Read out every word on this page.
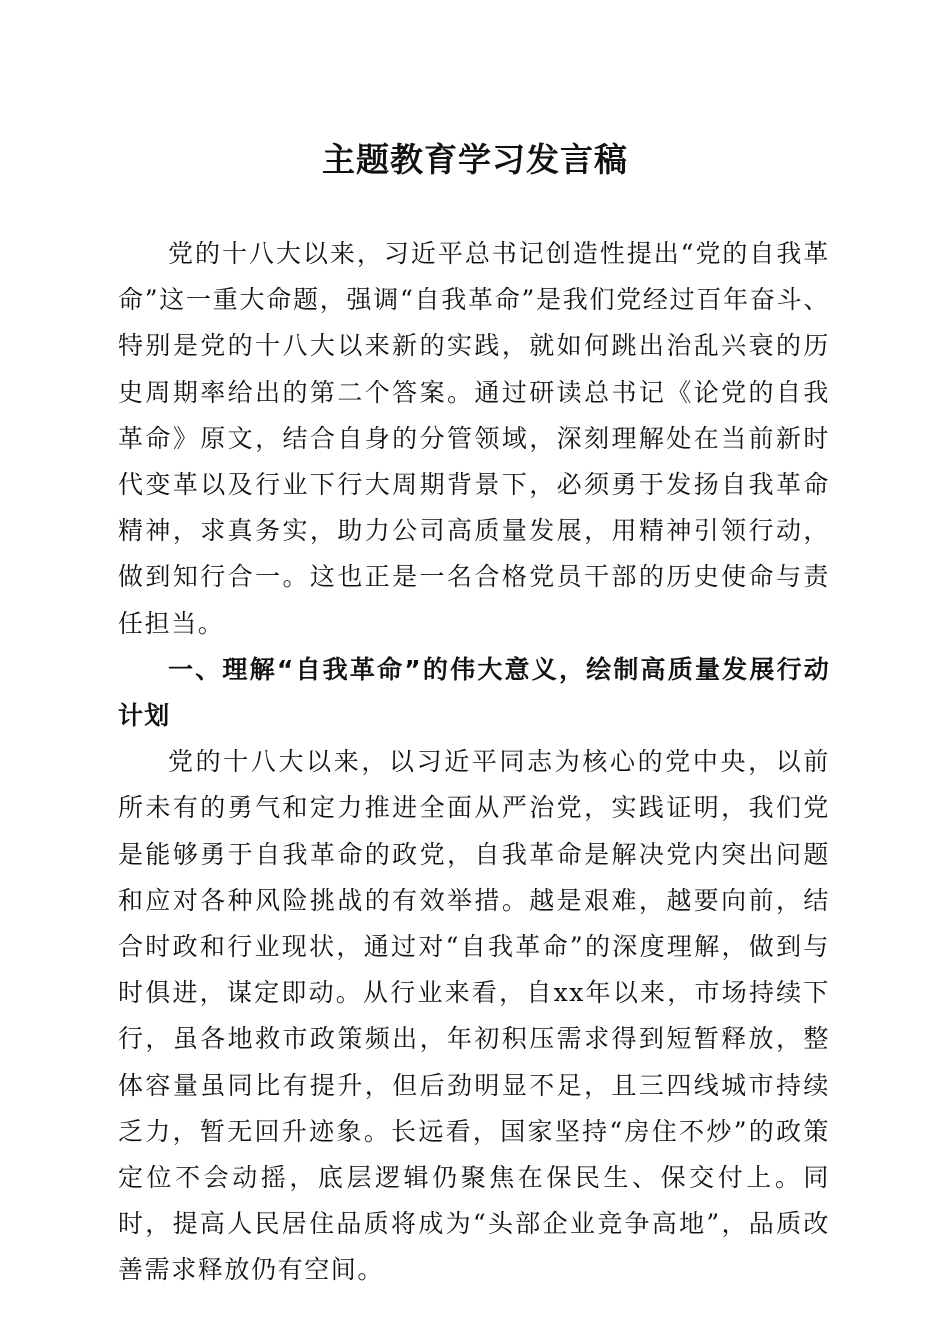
主题教育学习发言稿

党的十八大以来，习近平总书记创造性提出“党的自我革命”这一重大命题，强调“自我革命”是我们党经过百年奋斗、特别是党的十八大以来新的实践，就如何跳出治乱兴衰的历史周期率给出的第二个答案。通过研读总书记《论党的自我革命》原文，结合自身的分管领域，深刻理解处在当前新时代变革以及行业下行大周期背景下，必须勇于发扬自我革命精神，求真务实，助力公司高质量发展，用精神引领行动，做到知行合一。这也正是一名合格党员干部的历史使命与责任担当。

一、理解“自我革命”的伟大意义，绘制高质量发展行动计划

党的十八大以来，以习近平同志为核心的党中央，以前所未有的勇气和定力推进全面从严治党，实践证明，我们党是能够勇于自我革命的政党，自我革命是解决党内突出问题和应对各种风险挑战的有效举措。越是艰难，越要向前，结合时政和行业现状，通过对“自我革命”的深度理解，做到与时俱进，谋定即动。从行业来看，自xx年以来，市场持续下行，虽各地救市政策频出，年初积压需求得到短暂释放，整体容量虽同比有提升，但后劲明显不足，且三四线城市持续乏力，暂无回升迹象。长远看，国家坚持“房住不炒”的政策定位不会动摇，底层逻辑仍聚焦在保民生、保交付上。同时，提高人民居住品质将成为“头部企业竞争高地”，品质改善需求释放仍有空间。
